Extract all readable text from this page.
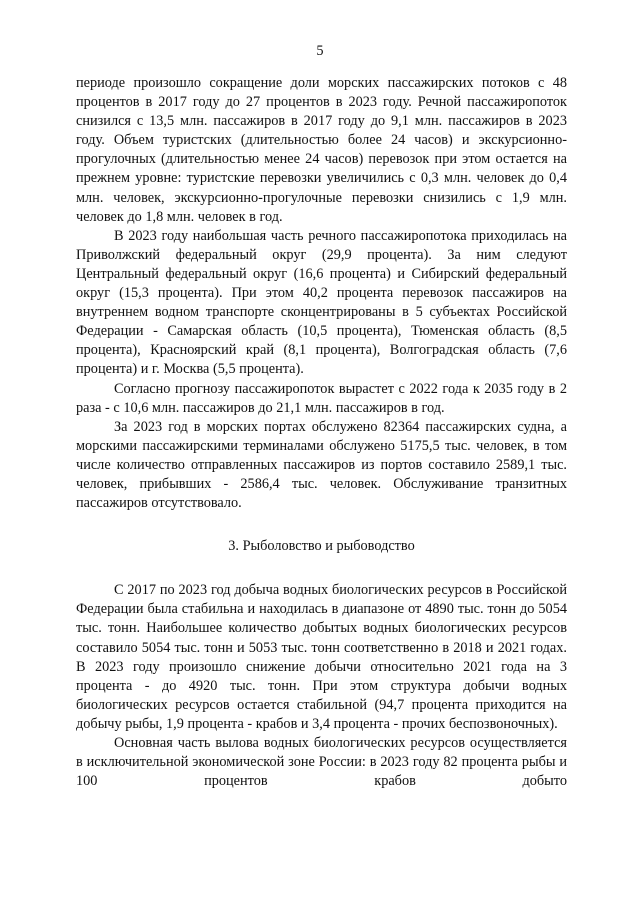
5

периоде произошло сокращение доли морских пассажирских потоков с 48 процентов в 2017 году до 27 процентов в 2023 году. Речной пассажиропоток снизился с 13,5 млн. пассажиров в 2017 году до 9,1 млн. пассажиров в 2023 году. Объем туристских (длительностью более 24 часов) и экскурсионно-прогулочных (длительностью менее 24 часов) перевозок при этом остается на прежнем уровне: туристские перевозки увеличились с 0,3 млн. человек до 0,4 млн. человек, экскурсионно-прогулочные перевозки снизились с 1,9 млн. человек до 1,8 млн. человек в год.

В 2023 году наибольшая часть речного пассажиропотока приходилась на Приволжский федеральный округ (29,9 процента). За ним следуют Центральный федеральный округ (16,6 процента) и Сибирский федеральный округ (15,3 процента). При этом 40,2 процента перевозок пассажиров на внутреннем водном транспорте сконцентрированы в 5 субъектах Российской Федерации - Самарская область (10,5 процента), Тюменская область (8,5 процента), Красноярский край (8,1 процента), Волгоградская область (7,6 процента) и г. Москва (5,5 процента).

Согласно прогнозу пассажиропоток вырастет с 2022 года к 2035 году в 2 раза - с 10,6 млн. пассажиров до 21,1 млн. пассажиров в год.

За 2023 год в морских портах обслужено 82364 пассажирских судна, а морскими пассажирскими терминалами обслужено 5175,5 тыс. человек, в том числе количество отправленных пассажиров из портов составило 2589,1 тыс. человек, прибывших - 2586,4 тыс. человек. Обслуживание транзитных пассажиров отсутствовало.

3. Рыболовство и рыбоводство

С 2017 по 2023 год добыча водных биологических ресурсов в Российской Федерации была стабильна и находилась в диапазоне от 4890 тыс. тонн до 5054 тыс. тонн. Наибольшее количество добытых водных биологических ресурсов составило 5054 тыс. тонн и 5053 тыс. тонн соответственно в 2018 и 2021 годах. В 2023 году произошло снижение добычи относительно 2021 года на 3 процента - до 4920 тыс. тонн. При этом структура добычи водных биологических ресурсов остается стабильной (94,7 процента приходится на добычу рыбы, 1,9 процента - крабов и 3,4 процента - прочих беспозвоночных).

Основная часть вылова водных биологических ресурсов осуществляется в исключительной экономической зоне России: в 2023 году 82 процента рыбы и 100 процентов крабов добыто
